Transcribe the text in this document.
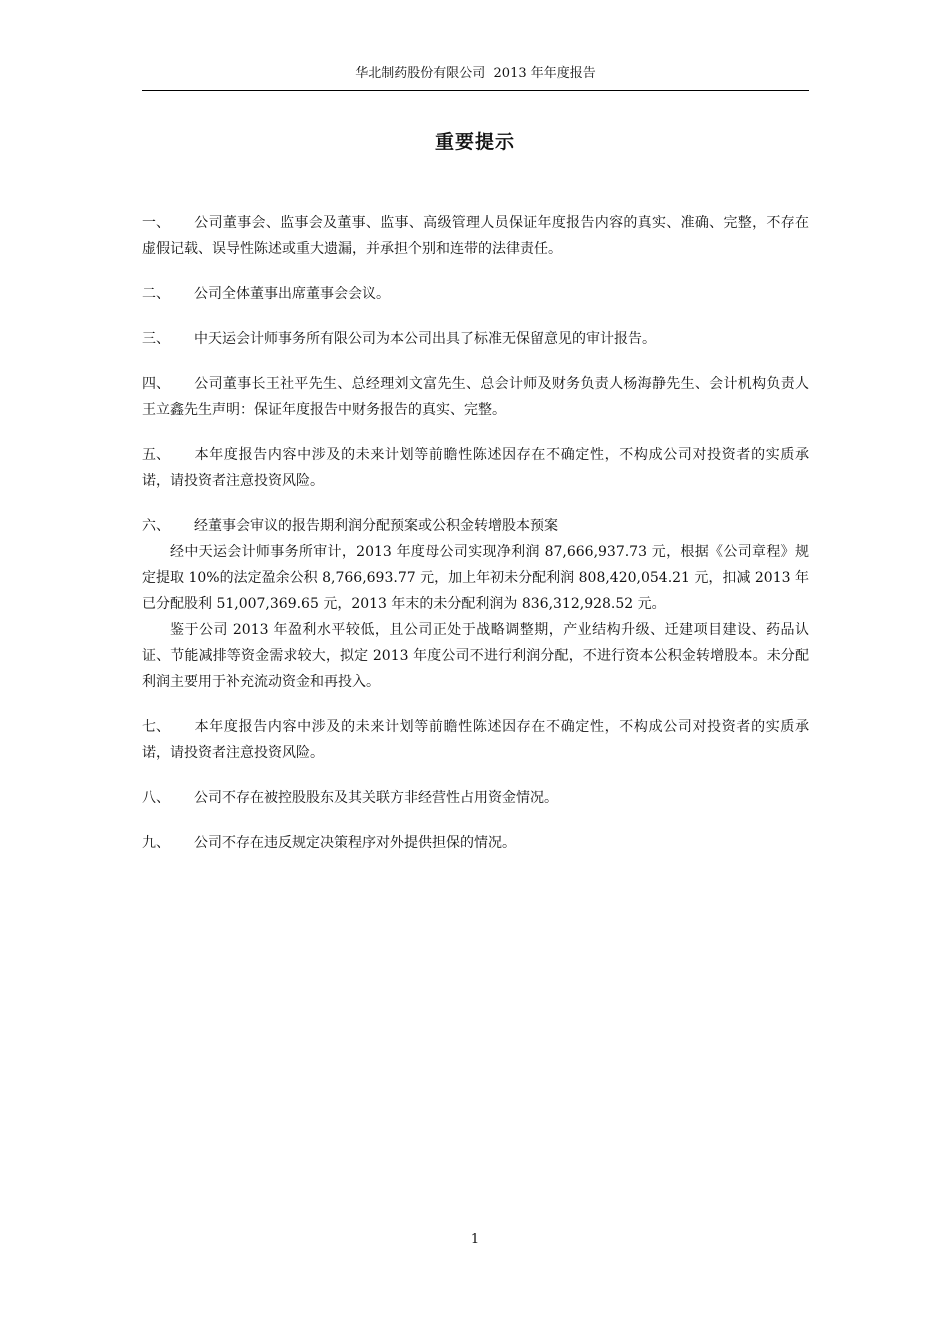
华北制药股份有限公司 2013 年年度报告
重要提示

一、 公司董事会、监事会及董事、监事、高级管理人员保证年度报告内容的真实、准确、完整，不存在虚假记载、误导性陈述或重大遗漏，并承担个别和连带的法律责任。

二、 公司全体董事出席董事会会议。

三、 中天运会计师事务所有限公司为本公司出具了标准无保留意见的审计报告。

四、 公司董事长王社平先生、总经理刘文富先生、总会计师及财务负责人杨海静先生、会计机构负责人王立鑫先生声明：保证年度报告中财务报告的真实、完整。

五、 本年度报告内容中涉及的未来计划等前瞻性陈述因存在不确定性，不构成公司对投资者的实质承诺，请投资者注意投资风险。

六、 经董事会审议的报告期利润分配预案或公积金转增股本预案

经中天运会计师事务所审计，2013 年度母公司实现净利润 87,666,937.73 元，根据《公司章程》规定提取 10%的法定盈余公积 8,766,693.77 元，加上年初未分配利润 808,420,054.21 元，扣减 2013 年已分配股利 51,007,369.65 元，2013 年末的未分配利润为 836,312,928.52 元。

鉴于公司 2013 年盈利水平较低，且公司正处于战略调整期，产业结构升级、迁建项目建设、药品认证、节能减排等资金需求较大，拟定 2013 年度公司不进行利润分配，不进行资本公积金转增股本。未分配利润主要用于补充流动资金和再投入。

七、 本年度报告内容中涉及的未来计划等前瞻性陈述因存在不确定性，不构成公司对投资者的实质承诺，请投资者注意投资风险。

八、 公司不存在被控股股东及其关联方非经营性占用资金情况。

九、 公司不存在违反规定决策程序对外提供担保的情况。

1
